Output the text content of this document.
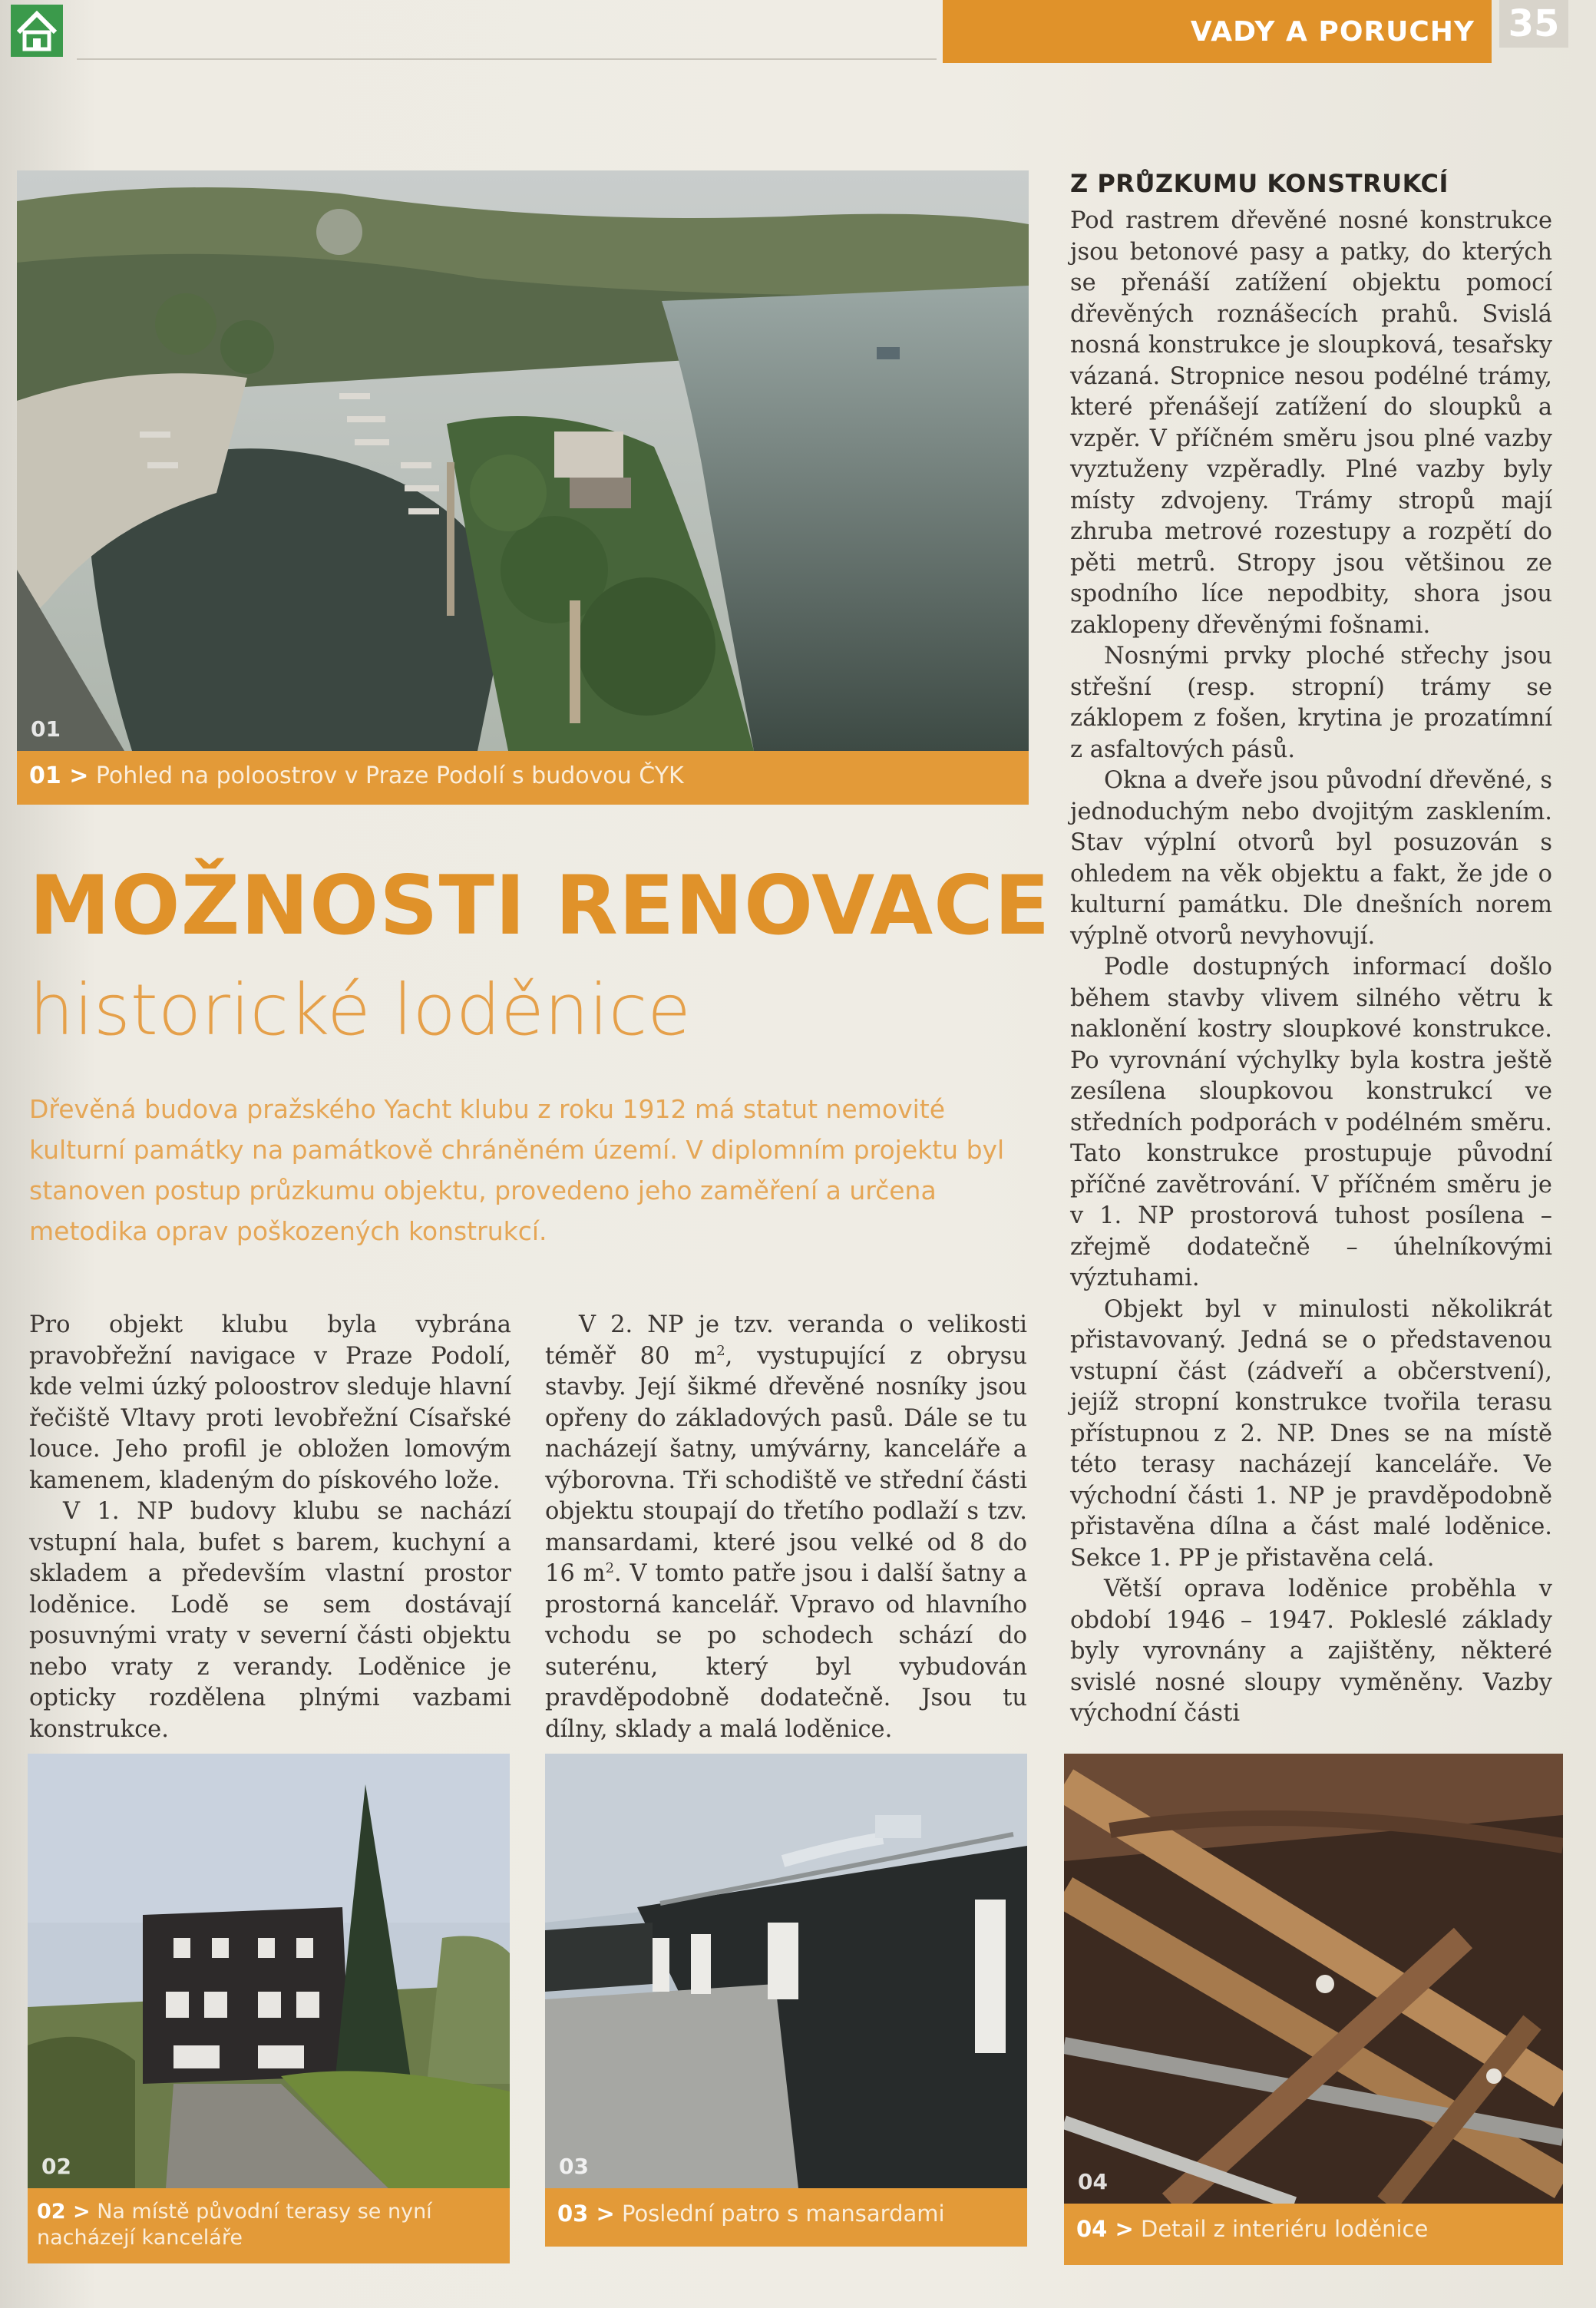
VADY A PORUCHY 35
01
01 > Pohled na poloostrov v Praze Podolí s budovou ČYK
MOŽNOSTI RENOVACE
historické loděnice
Dřevěná budova pražského Yacht klubu z roku 1912 má statut nemovité kulturní památky na památkově chráněném území. V diplomním projektu byl stanoven postup průzkumu objektu, provedeno jeho zaměření a určena metodika oprav poškozených konstrukcí.

Pro objekt klubu byla vybrána pravobřežní navigace v Praze Podolí, kde velmi úzký poloostrov sleduje hlavní řečiště Vltavy proti levobřežní Císařské louce. Jeho profil je obložen lomovým kamenem, kladeným do pískového lože.

V 1. NP budovy klubu se nachází vstupní hala, bufet s barem, kuchyní a skladem a především vlastní prostor loděnice. Lodě se sem dostávají posuvnými vraty v severní části objektu nebo vraty z verandy. Loděnice je opticky rozdělena plnými vazbami konstrukce.

V 2. NP je tzv. veranda o velikosti téměř 80 $m^2$, vystupující z obrysu stavby. Její šikmé dřevěné nosníky jsou opřeny do základových pasů. Dále se tu nacházejí šatny, umývárny, kanceláře a výborovna. Tři schodiště ve střední části objektu stoupají do třetího podlaží s tzv. mansardami, které jsou velké od 8 do 16 $m^2$. V tomto patře jsou i další šatny a prostorná kancelář. Vpravo od hlavního vchodu se po schodech schází do suterénu, který byl vybudován pravděpodobně dodatečně. Jsou tu dílny, sklady a malá loděnice.

Z PRŮZKUMU KONSTRUKCÍ

Pod rastrem dřevěné nosné konstrukce jsou betonové pasy a patky, do kterých se přenáší zatížení objektu pomocí dřevěných roznášecích prahů. Svislá nosná konstrukce je sloupková, tesařsky vázaná. Stropnice nesou podélné trámy, které přenášejí zatížení do sloupků a vzpěr. V příčném směru jsou plné vazby vyztuženy vzpěradly. Plné vazby byly místy zdvojeny. Trámy stropů mají zhruba metrové rozestupy a rozpětí do pěti metrů. Stropy jsou většinou ze spodního líce nepodbity, shora jsou zaklopeny dřevěnými fošnami.

Nosnými prvky ploché střechy jsou střešní (resp. stropní) trámy se záklopem z fošen, krytina je prozatímní z asfaltových pásů.

Okna a dveře jsou původní dřevěné, s jednoduchým nebo dvojitým zasklením. Stav výplní otvorů byl posuzován s ohledem na věk objektu a fakt, že jde o kulturní památku. Dle dnešních norem výplně otvorů nevyhovují.

Podle dostupných informací došlo během stavby vlivem silného větru k naklonění kostry sloupkové konstrukce. Po vyrovnání výchylky byla kostra ještě zesílena sloupkovou konstrukcí ve středních podporách v podélném směru. Tato konstrukce prostupuje původní příčné zavětrování. V příčném směru je v 1. NP prostorová tuhost posílena – zřejmě dodatečně – úhelníkovými výztuhami.

Objekt byl v minulosti několikrát přistavovaný. Jedná se o představenou vstupní část (zádveří a občerstvení), jejíž stropní konstrukce tvořila terasu přístupnou z 2. NP. Dnes se na místě této terasy nacházejí kanceláře. Ve východní části 1. NP je pravděpodobně přistavěna dílna a část malé loděnice. Sekce 1. PP je přistavěna celá.

Větší oprava loděnice proběhla v období 1946 – 1947. Pokleslé základy byly vyrovnány a zajištěny, některé svislé nosné sloupy vyměněny. Vazby východní části

02
02 > Na místě původní terasy se nyní nacházejí kanceláře
03
03 > Poslední patro s mansardami
04
04 > Detail z interiéru loděnice
